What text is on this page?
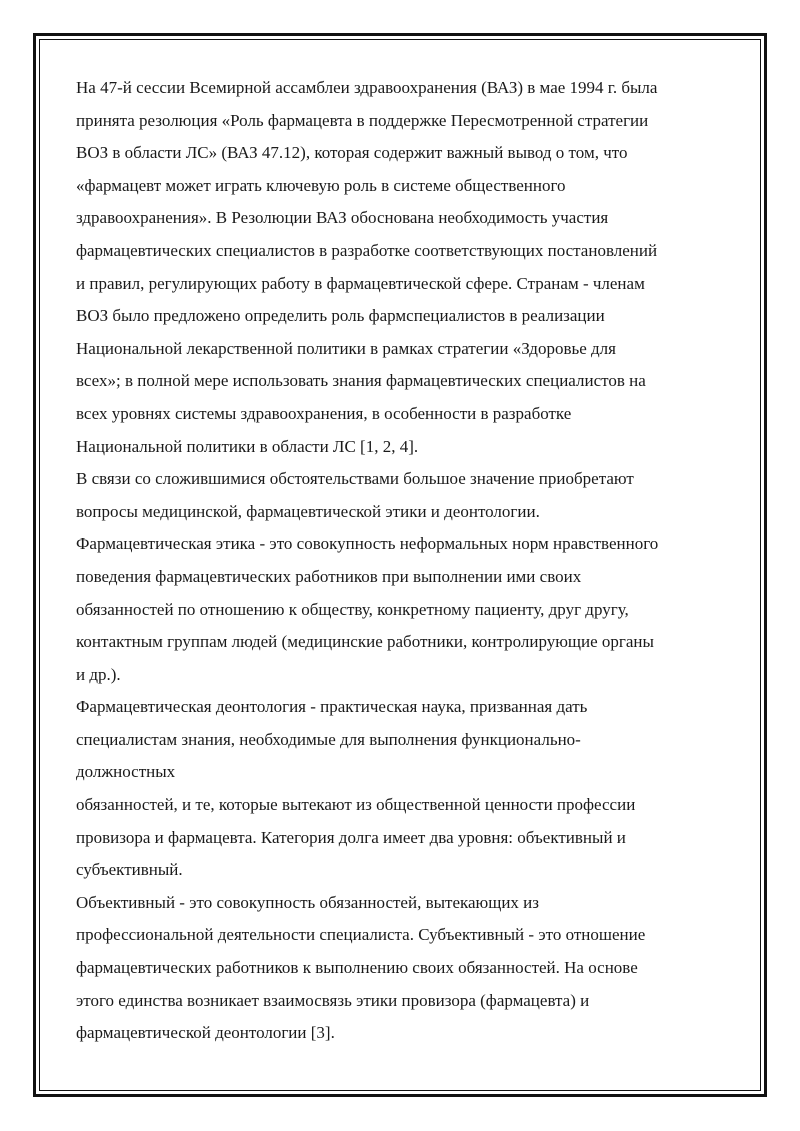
На 47-й сессии Всемирной ассамблеи здравоохранения (ВАЗ) в мае 1994 г. была
принята резолюция «Роль фармацевта в поддержке Пересмотренной стратегии
ВОЗ в области ЛС» (ВАЗ 47.12), которая содержит важный вывод о том, что
«фармацевт может играть ключевую роль в системе общественного
здравоохранения». В Резолюции ВАЗ обоснована необходимость участия
фармацевтических специалистов в разработке соответствующих постановлений
и правил, регулирующих работу в фармацевтической сфере. Странам - членам
ВОЗ было предложено определить роль фармспециалистов в реализации
Национальной лекарственной политики в рамках стратегии «Здоровье для
всех»; в полной мере использовать знания фармацевтических специалистов на
всех уровнях системы здравоохранения, в особенности в разработке
Национальной политики в области ЛС [1, 2, 4].
В связи со сложившимися обстоятельствами большое значение приобретают
вопросы медицинской, фармацевтической этики и деонтологии.
Фармацевтическая этика - это совокупность неформальных норм нравственного
поведения фармацевтических работников при выполнении ими своих
обязанностей по отношению к обществу, конкретному пациенту, друг другу,
контактным группам людей (медицинские работники, контролирующие органы
и др.).
Фармацевтическая деонтология - практическая наука, призванная дать
специалистам знания, необходимые для выполнения функционально-
должностных
обязанностей, и те, которые вытекают из общественной ценности профессии
провизора и фармацевта. Категория долга имеет два уровня: объективный и
субъективный.
Объективный - это совокупность обязанностей, вытекающих из
профессиональной деятельности специалиста. Субъективный - это отношение
фармацевтических работников к выполнению своих обязанностей. На основе
этого единства возникает взаимосвязь этики провизора (фармацевта) и
фармацевтической деонтологии [3].
